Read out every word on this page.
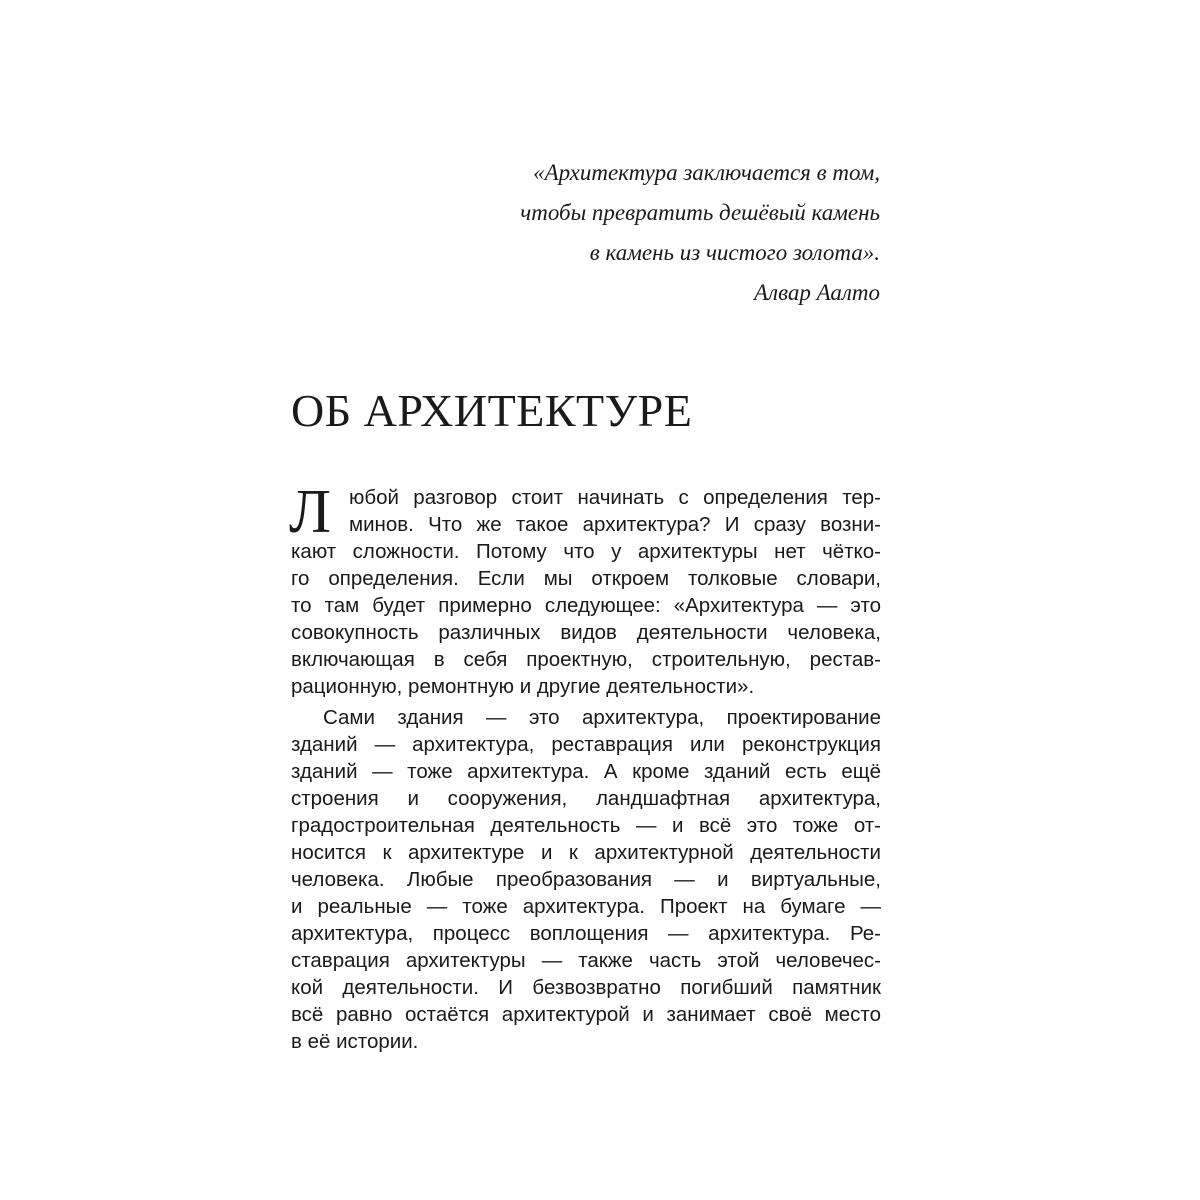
«Архитектура заключается в том,
чтобы превратить дешёвый камень
в камень из чистого золота».
Алвар Аалто
ОБ АРХИТЕКТУРЕ
Л юбой разговор стоит начинать с определения тер-
минов. Что же такое архитектура? И сразу возни-
кают сложности. Потому что у архитектуры нет чётко-
го определения. Если мы откроем толковые словари,
то там будет примерно следующее: «Архитектура — это
совокупность различных видов деятельности человека,
включающая в себя проектную, строительную, рестав-
рационную, ремонтную и другие деятельности».
Сами здания — это архитектура, проектирование
зданий — архитектура, реставрация или реконструкция
зданий — тоже архитектура. А кроме зданий есть ещё
строения и сооружения, ландшафтная архитектура,
градостроительная деятельность — и всё это тоже от-
носится к архитектуре и к архитектурной деятельности
человека. Любые преобразования — и виртуальные,
и реальные — тоже архитектура. Проект на бумаге —
архитектура, процесс воплощения — архитектура. Ре-
ставрация архитектуры — также часть этой человечес-
кой деятельности. И безвозвратно погибший памятник
всё равно остаётся архитектурой и занимает своё место
в её истории.
